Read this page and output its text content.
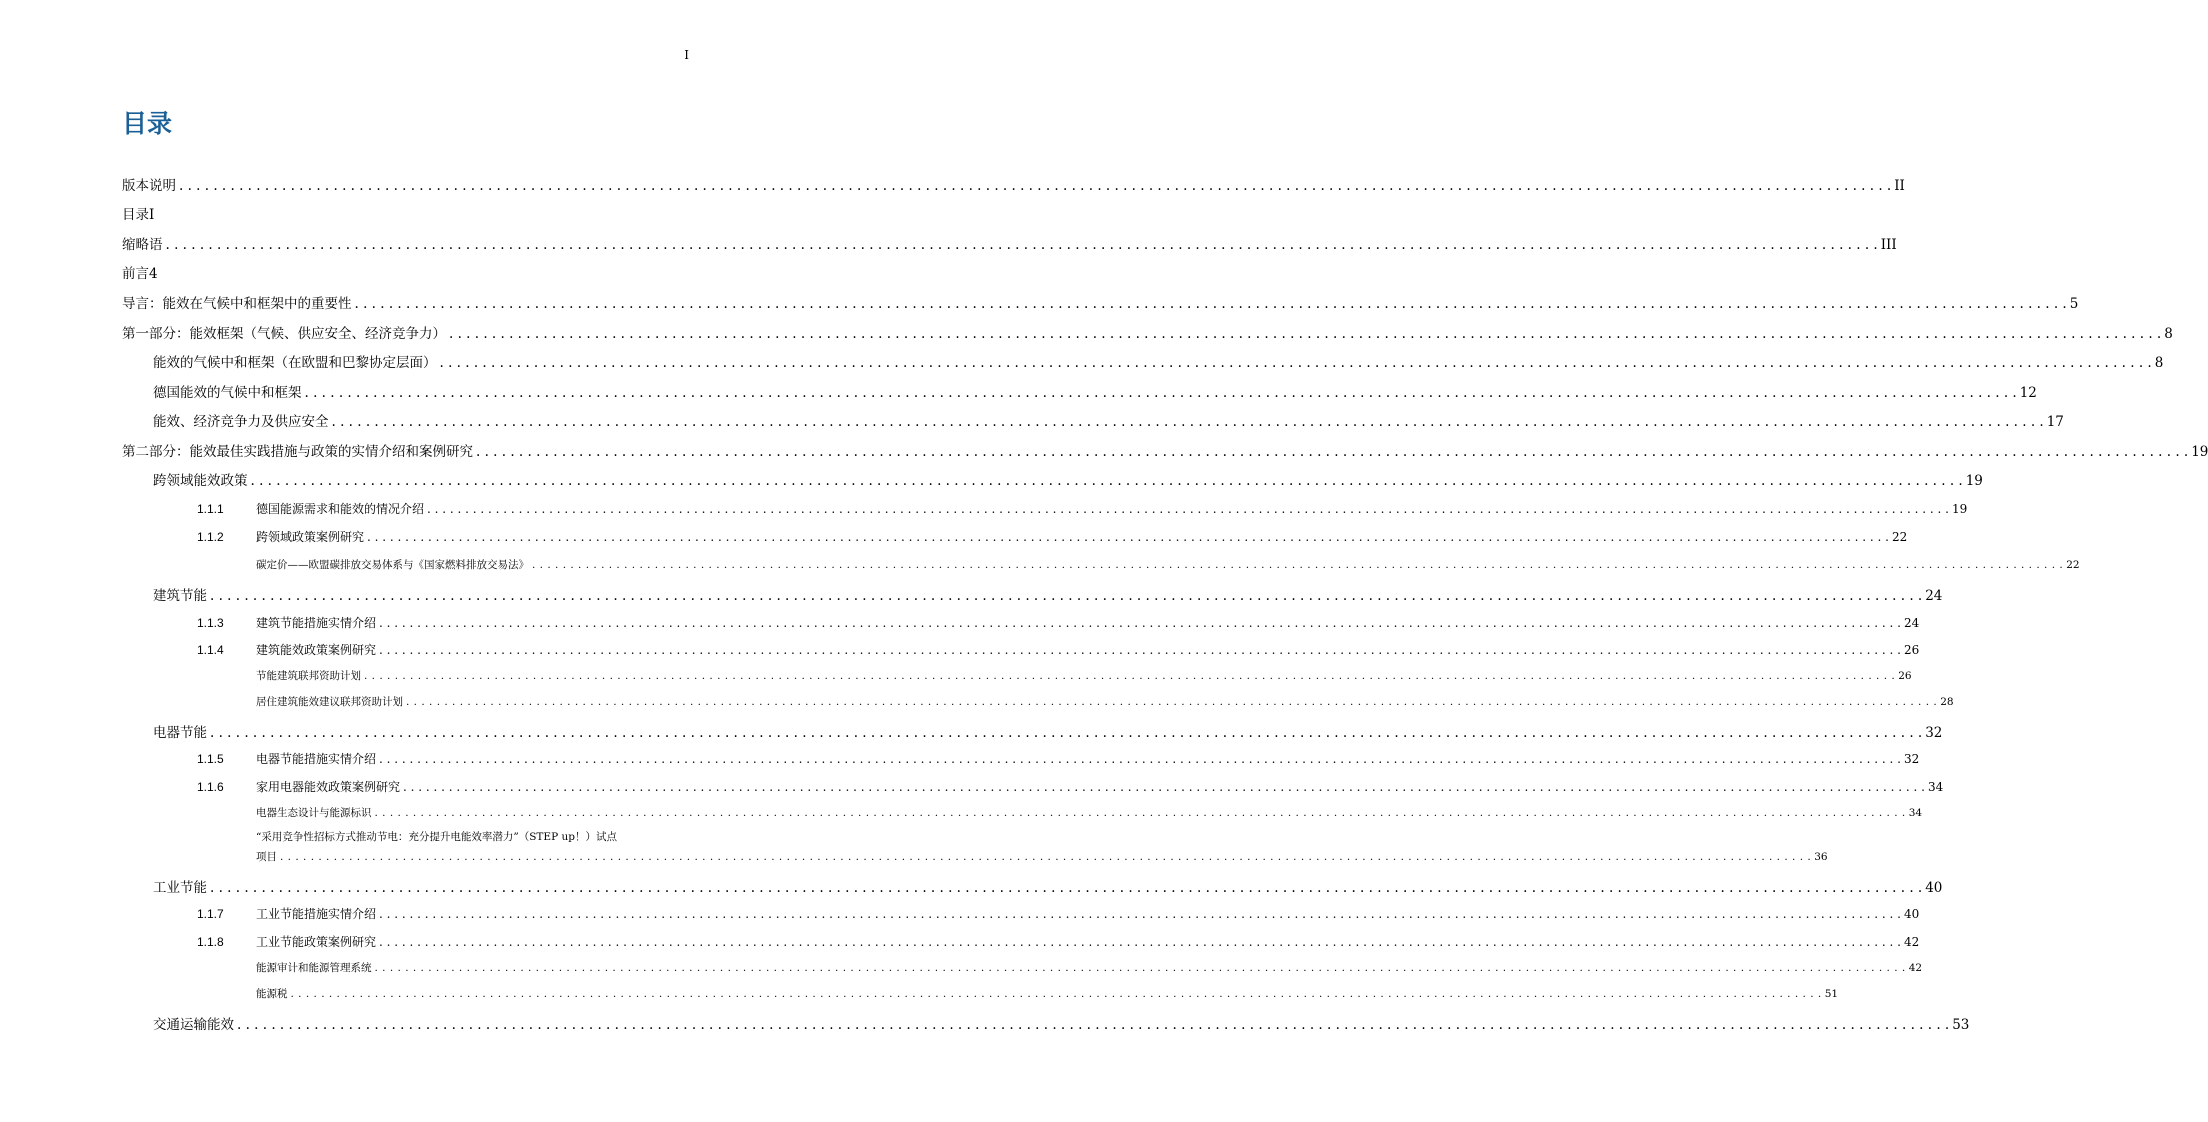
I
目录
版本说明 . . . . . . . . . . . . . . . . . . . . . . . . . . . . . . . . . . . . . . . . . . . . . . . . . . . . . . . . . . . . . . . . . . . . . . . . . . . . . . . . . . . . . . . . . . . . . . . . . . . . . . . . . . . . . . . . . . . . . . . . . . . . . . . . . . . . . . . . . . . . . . . . . . . . . . . . . . . . . . . . . . . . . . . . . . . . . . . . . . . . . . . . . . . . . . . . . . . . . . . . II
目录I
缩略语 . . . . . . . . . . . . . . . . . . . . . . . . . . . . . . . . . . . . . . . . . . . . . . . . . . . . . . . . . . . . . . . . . . . . . . . . . . . . . . . . . . . . . . . . . . . . . . . . . . . . . . . . . . . . . . . . . . . . . . . . . . . . . . . . . . . . . . . . . . . . . . . . . . . . . . . . . . . . . . . . . . . . . . . . . . . . . . . . . . . . . . . . . . . . . . . . . . . . . . . . III
前言4
导言：能效在气候中和框架中的重要性 . . . . . . . . . . . . . . . . . . . . . . . . . . . . . . . . . . . . . . . . . . . . . . . . . . . . . . . . . . . . . . . . . . . . . . . . . . . . . . . . . . . . . . . . . . . . . . . . . . . . . . . . . . . . . . . . . . . . . . . . . . . . . . . . . . . . . . . . . . . . . . . . . . . . . . . . . . . . . . . . . . . . . . . . . . . . . . . . . . . . . . . . . . . . . . . . . . . . . . . . 5
第一部分：能效框架（气候、供应安全、经济竞争力） . . . . . . . . . . . . . . . . . . . . . . . . . . . . . . . . . . . . . . . . . . . . . . . . . . . . . . . . . . . . . . . . . . . . . . . . . . . . . . . . . . . . . . . . . . . . . . . . . . . . . . . . . . . . . . . . . . . . . . . . . . . . . . . . . . . . . . . . . . . . . . . . . . . . . . . . . . . . . . . . . . . . . . . . . . . . . . . . . . . . . . . . . . . . . . . . . . . . . . . . 8
能效的气候中和框架（在欧盟和巴黎协定层面） . . . . . . . . . . . . . . . . . . . . . . . . . . . . . . . . . . . . . . . . . . . . . . . . . . . . . . . . . . . . . . . . . . . . . . . . . . . . . . . . . . . . . . . . . . . . . . . . . . . . . . . . . . . . . . . . . . . . . . . . . . . . . . . . . . . . . . . . . . . . . . . . . . . . . . . . . . . . . . . . . . . . . . . . . . . . . . . . . . . . . . . . . . . . . . . . . . . . . . . . 8
德国能效的气候中和框架 . . . . . . . . . . . . . . . . . . . . . . . . . . . . . . . . . . . . . . . . . . . . . . . . . . . . . . . . . . . . . . . . . . . . . . . . . . . . . . . . . . . . . . . . . . . . . . . . . . . . . . . . . . . . . . . . . . . . . . . . . . . . . . . . . . . . . . . . . . . . . . . . . . . . . . . . . . . . . . . . . . . . . . . . . . . . . . . . . . . . . . . . . . . . . . . . . . . . . . . . 12
能效、经济竞争力及供应安全 . . . . . . . . . . . . . . . . . . . . . . . . . . . . . . . . . . . . . . . . . . . . . . . . . . . . . . . . . . . . . . . . . . . . . . . . . . . . . . . . . . . . . . . . . . . . . . . . . . . . . . . . . . . . . . . . . . . . . . . . . . . . . . . . . . . . . . . . . . . . . . . . . . . . . . . . . . . . . . . . . . . . . . . . . . . . . . . . . . . . . . . . . . . . . . . . . . . . . . . . 17
第二部分：能效最佳实践措施与政策的实情介绍和案例研究 . . . . . . . . . . . . . . . . . . . . . . . . . . . . . . . . . . . . . . . . . . . . . . . . . . . . . . . . . . . . . . . . . . . . . . . . . . . . . . . . . . . . . . . . . . . . . . . . . . . . . . . . . . . . . . . . . . . . . . . . . . . . . . . . . . . . . . . . . . . . . . . . . . . . . . . . . . . . . . . . . . . . . . . . . . . . . . . . . . . . . . . . . . . . . . . . . . . . . . . . 19
跨领域能效政策 . . . . . . . . . . . . . . . . . . . . . . . . . . . . . . . . . . . . . . . . . . . . . . . . . . . . . . . . . . . . . . . . . . . . . . . . . . . . . . . . . . . . . . . . . . . . . . . . . . . . . . . . . . . . . . . . . . . . . . . . . . . . . . . . . . . . . . . . . . . . . . . . . . . . . . . . . . . . . . . . . . . . . . . . . . . . . . . . . . . . . . . . . . . . . . . . . . . . . . . . 19
1.1.1	德国能源需求和能效的情况介绍 . . . . . . . . . . . . . . . . . . . . . . . . . . . . . . . . . . . . . . . . . . . . . . . . . . . . . . . . . . . . . . . . . . . . . . . . . . . . . . . . . . . . . . . . . . . . . . . . . . . . . . . . . . . . . . . . . . . . . . . . . . . . . . . . . . . . . . . . . . . . . . . . . . . . . . . . . . . . . . . . . . . . . . . . . . . . . . . . . . . . . . . . . . . . . . . . . . . . . . . . 19
1.1.2	跨领域政策案例研究 . . . . . . . . . . . . . . . . . . . . . . . . . . . . . . . . . . . . . . . . . . . . . . . . . . . . . . . . . . . . . . . . . . . . . . . . . . . . . . . . . . . . . . . . . . . . . . . . . . . . . . . . . . . . . . . . . . . . . . . . . . . . . . . . . . . . . . . . . . . . . . . . . . . . . . . . . . . . . . . . . . . . . . . . . . . . . . . . . . . . . . . . . . . . . . . . . . . . . . . . 22
碳定价——欧盟碳排放交易体系与《国家燃料排放交易法》 . . . . . . . . . . . . . . . . . . . . . . . . . . . . . . . . . . . . . . . . . . . . . . . . . . . . . . . . . . . . . . . . . . . . . . . . . . . . . . . . . . . . . . . . . . . . . . . . . . . . . . . . . . . . . . . . . . . . . . . . . . . . . . . . . . . . . . . . . . . . . . . . . . . . . . . . . . . . . . . . . . . . . . . . . . . . . . . . . . . . . . . . . . . . . . . . . . . . . . . . 22
建筑节能 . . . . . . . . . . . . . . . . . . . . . . . . . . . . . . . . . . . . . . . . . . . . . . . . . . . . . . . . . . . . . . . . . . . . . . . . . . . . . . . . . . . . . . . . . . . . . . . . . . . . . . . . . . . . . . . . . . . . . . . . . . . . . . . . . . . . . . . . . . . . . . . . . . . . . . . . . . . . . . . . . . . . . . . . . . . . . . . . . . . . . . . . . . . . . . . . . . . . . . . . 24
1.1.3	建筑节能措施实情介绍 . . . . . . . . . . . . . . . . . . . . . . . . . . . . . . . . . . . . . . . . . . . . . . . . . . . . . . . . . . . . . . . . . . . . . . . . . . . . . . . . . . . . . . . . . . . . . . . . . . . . . . . . . . . . . . . . . . . . . . . . . . . . . . . . . . . . . . . . . . . . . . . . . . . . . . . . . . . . . . . . . . . . . . . . . . . . . . . . . . . . . . . . . . . . . . . . . . . . . . . . 24
1.1.4	建筑能效政策案例研究 . . . . . . . . . . . . . . . . . . . . . . . . . . . . . . . . . . . . . . . . . . . . . . . . . . . . . . . . . . . . . . . . . . . . . . . . . . . . . . . . . . . . . . . . . . . . . . . . . . . . . . . . . . . . . . . . . . . . . . . . . . . . . . . . . . . . . . . . . . . . . . . . . . . . . . . . . . . . . . . . . . . . . . . . . . . . . . . . . . . . . . . . . . . . . . . . . . . . . . . . 26
节能建筑联邦资助计划 . . . . . . . . . . . . . . . . . . . . . . . . . . . . . . . . . . . . . . . . . . . . . . . . . . . . . . . . . . . . . . . . . . . . . . . . . . . . . . . . . . . . . . . . . . . . . . . . . . . . . . . . . . . . . . . . . . . . . . . . . . . . . . . . . . . . . . . . . . . . . . . . . . . . . . . . . . . . . . . . . . . . . . . . . . . . . . . . . . . . . . . . . . . . . . . . . . . . . . . . 26
居住建筑能效建议联邦资助计划 . . . . . . . . . . . . . . . . . . . . . . . . . . . . . . . . . . . . . . . . . . . . . . . . . . . . . . . . . . . . . . . . . . . . . . . . . . . . . . . . . . . . . . . . . . . . . . . . . . . . . . . . . . . . . . . . . . . . . . . . . . . . . . . . . . . . . . . . . . . . . . . . . . . . . . . . . . . . . . . . . . . . . . . . . . . . . . . . . . . . . . . . . . . . . . . . . . . . . . . . 28
电器节能 . . . . . . . . . . . . . . . . . . . . . . . . . . . . . . . . . . . . . . . . . . . . . . . . . . . . . . . . . . . . . . . . . . . . . . . . . . . . . . . . . . . . . . . . . . . . . . . . . . . . . . . . . . . . . . . . . . . . . . . . . . . . . . . . . . . . . . . . . . . . . . . . . . . . . . . . . . . . . . . . . . . . . . . . . . . . . . . . . . . . . . . . . . . . . . . . . . . . . . . . 32
1.1.5	电器节能措施实情介绍 . . . . . . . . . . . . . . . . . . . . . . . . . . . . . . . . . . . . . . . . . . . . . . . . . . . . . . . . . . . . . . . . . . . . . . . . . . . . . . . . . . . . . . . . . . . . . . . . . . . . . . . . . . . . . . . . . . . . . . . . . . . . . . . . . . . . . . . . . . . . . . . . . . . . . . . . . . . . . . . . . . . . . . . . . . . . . . . . . . . . . . . . . . . . . . . . . . . . . . . . 32
1.1.6	家用电器能效政策案例研究 . . . . . . . . . . . . . . . . . . . . . . . . . . . . . . . . . . . . . . . . . . . . . . . . . . . . . . . . . . . . . . . . . . . . . . . . . . . . . . . . . . . . . . . . . . . . . . . . . . . . . . . . . . . . . . . . . . . . . . . . . . . . . . . . . . . . . . . . . . . . . . . . . . . . . . . . . . . . . . . . . . . . . . . . . . . . . . . . . . . . . . . . . . . . . . . . . . . . . . . . 34
电器生态设计与能源标识 . . . . . . . . . . . . . . . . . . . . . . . . . . . . . . . . . . . . . . . . . . . . . . . . . . . . . . . . . . . . . . . . . . . . . . . . . . . . . . . . . . . . . . . . . . . . . . . . . . . . . . . . . . . . . . . . . . . . . . . . . . . . . . . . . . . . . . . . . . . . . . . . . . . . . . . . . . . . . . . . . . . . . . . . . . . . . . . . . . . . . . . . . . . . . . . . . . . . . . . . 34
“采用竞争性招标方式推动节电：充分提升电能效率潜力”（STEP up！）试点
项目 . . . . . . . . . . . . . . . . . . . . . . . . . . . . . . . . . . . . . . . . . . . . . . . . . . . . . . . . . . . . . . . . . . . . . . . . . . . . . . . . . . . . . . . . . . . . . . . . . . . . . . . . . . . . . . . . . . . . . . . . . . . . . . . . . . . . . . . . . . . . . . . . . . . . . . . . . . . . . . . . . . . . . . . . . . . . . . . . . . . . . . . . . . . . . . . . . . . . . . . . 36
工业节能 . . . . . . . . . . . . . . . . . . . . . . . . . . . . . . . . . . . . . . . . . . . . . . . . . . . . . . . . . . . . . . . . . . . . . . . . . . . . . . . . . . . . . . . . . . . . . . . . . . . . . . . . . . . . . . . . . . . . . . . . . . . . . . . . . . . . . . . . . . . . . . . . . . . . . . . . . . . . . . . . . . . . . . . . . . . . . . . . . . . . . . . . . . . . . . . . . . . . . . . . 40
1.1.7	工业节能措施实情介绍 . . . . . . . . . . . . . . . . . . . . . . . . . . . . . . . . . . . . . . . . . . . . . . . . . . . . . . . . . . . . . . . . . . . . . . . . . . . . . . . . . . . . . . . . . . . . . . . . . . . . . . . . . . . . . . . . . . . . . . . . . . . . . . . . . . . . . . . . . . . . . . . . . . . . . . . . . . . . . . . . . . . . . . . . . . . . . . . . . . . . . . . . . . . . . . . . . . . . . . . . 40
1.1.8	工业节能政策案例研究 . . . . . . . . . . . . . . . . . . . . . . . . . . . . . . . . . . . . . . . . . . . . . . . . . . . . . . . . . . . . . . . . . . . . . . . . . . . . . . . . . . . . . . . . . . . . . . . . . . . . . . . . . . . . . . . . . . . . . . . . . . . . . . . . . . . . . . . . . . . . . . . . . . . . . . . . . . . . . . . . . . . . . . . . . . . . . . . . . . . . . . . . . . . . . . . . . . . . . . . . 42
能源审计和能源管理系统 . . . . . . . . . . . . . . . . . . . . . . . . . . . . . . . . . . . . . . . . . . . . . . . . . . . . . . . . . . . . . . . . . . . . . . . . . . . . . . . . . . . . . . . . . . . . . . . . . . . . . . . . . . . . . . . . . . . . . . . . . . . . . . . . . . . . . . . . . . . . . . . . . . . . . . . . . . . . . . . . . . . . . . . . . . . . . . . . . . . . . . . . . . . . . . . . . . . . . . . . 42
能源税 . . . . . . . . . . . . . . . . . . . . . . . . . . . . . . . . . . . . . . . . . . . . . . . . . . . . . . . . . . . . . . . . . . . . . . . . . . . . . . . . . . . . . . . . . . . . . . . . . . . . . . . . . . . . . . . . . . . . . . . . . . . . . . . . . . . . . . . . . . . . . . . . . . . . . . . . . . . . . . . . . . . . . . . . . . . . . . . . . . . . . . . . . . . . . . . . . . . . . . . . 51
交通运输能效 . . . . . . . . . . . . . . . . . . . . . . . . . . . . . . . . . . . . . . . . . . . . . . . . . . . . . . . . . . . . . . . . . . . . . . . . . . . . . . . . . . . . . . . . . . . . . . . . . . . . . . . . . . . . . . . . . . . . . . . . . . . . . . . . . . . . . . . . . . . . . . . . . . . . . . . . . . . . . . . . . . . . . . . . . . . . . . . . . . . . . . . . . . . . . . . . . . . . . . . . 53
